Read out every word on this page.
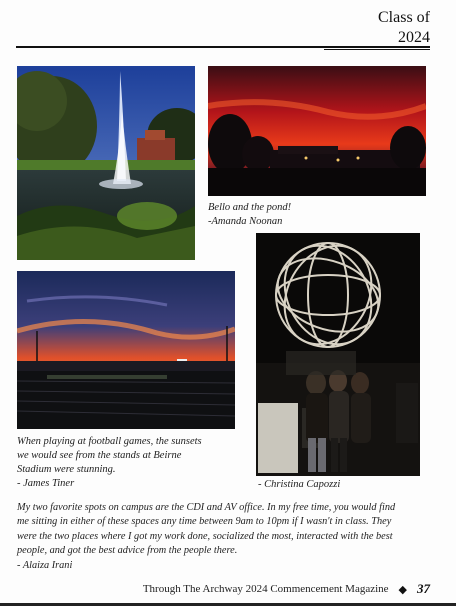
Class of
2024
Bello and the pond!
-Amanda Noonan
When playing at football games, the sunsets
we would see from the stands at Beirne
Stadium were stunning.
- James Tiner	- Christina Capozzi
My two favorite spots on campus are the CDI and AV office. In my free time, you would find
me sitting in either of these spaces any time between 9am to 10pm if I wasn't in class. They
were the two places where I got my work done, socialized the most, interacted with the best
people, and got the best advice from the people there.
- Alaiza Irani
Through The Archway 2024 Commencement Magazine ◆ 37
